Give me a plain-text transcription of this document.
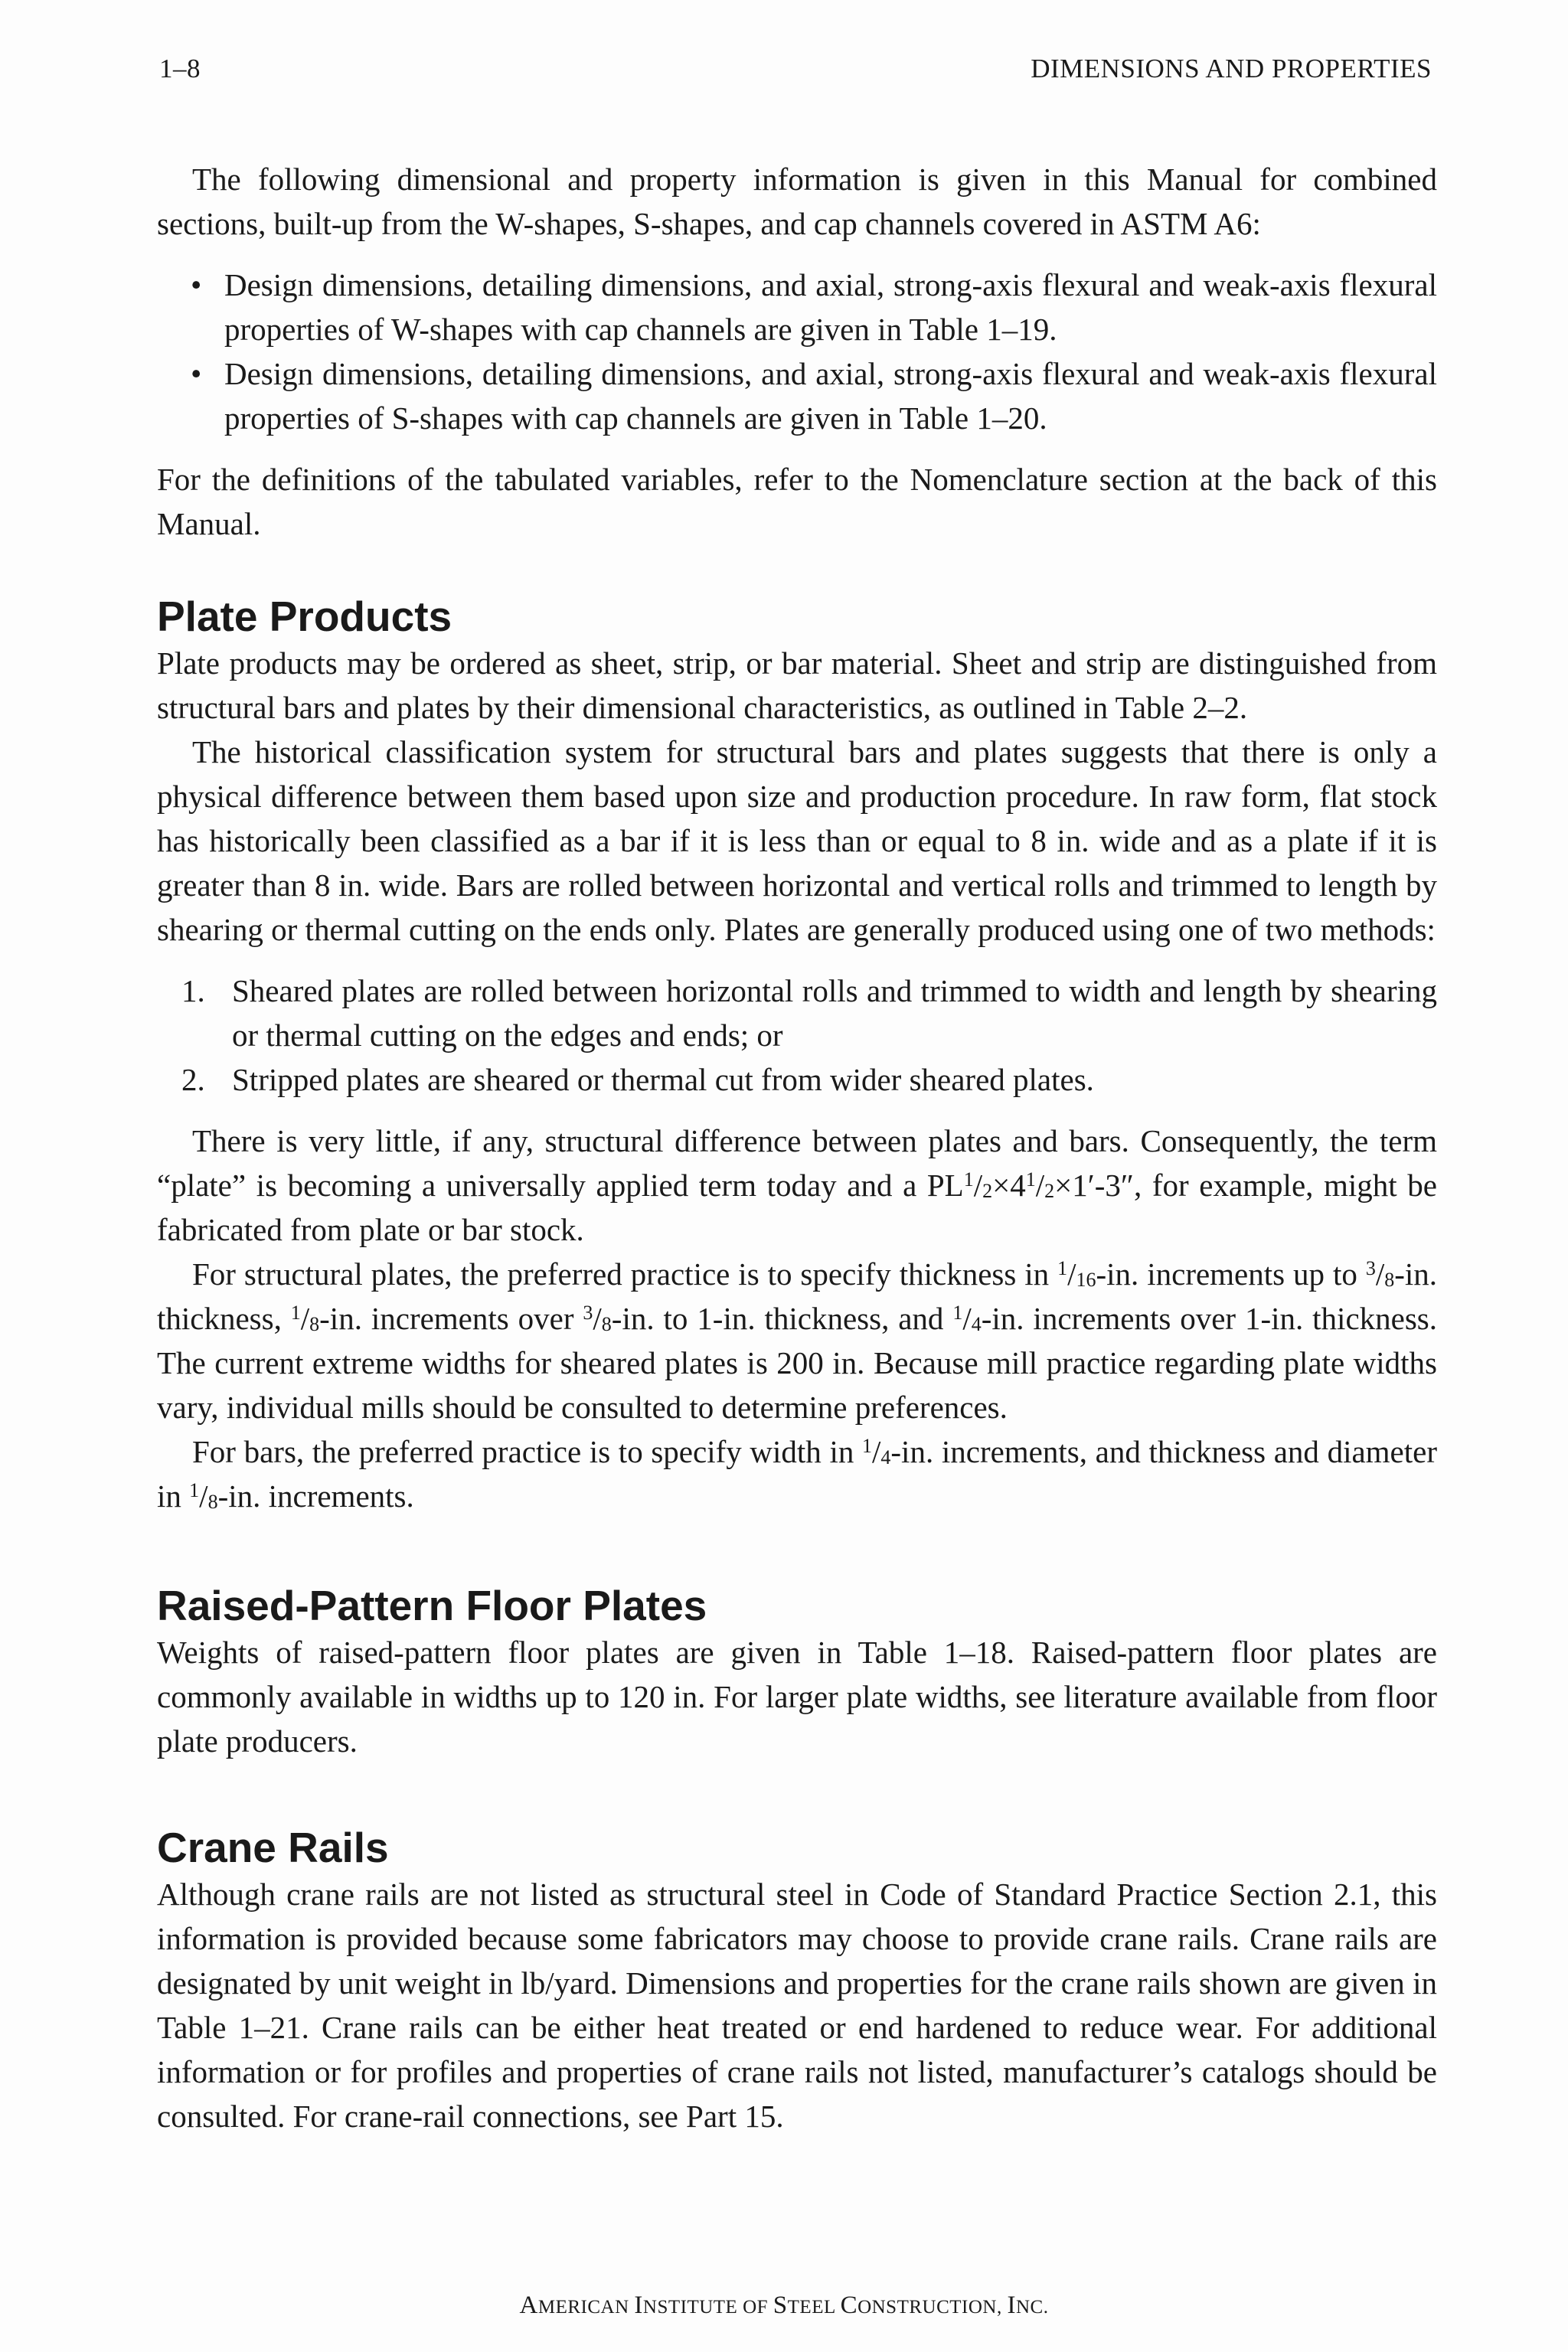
1–8	DIMENSIONS AND PROPERTIES

The following dimensional and property information is given in this Manual for combined sections, built-up from the W-shapes, S-shapes, and cap channels covered in ASTM A6:

• Design dimensions, detailing dimensions, and axial, strong-axis flexural and weak-axis flexural properties of W-shapes with cap channels are given in Table 1–19.
• Design dimensions, detailing dimensions, and axial, strong-axis flexural and weak-axis flexural properties of S-shapes with cap channels are given in Table 1–20.

For the definitions of the tabulated variables, refer to the Nomenclature section at the back of this Manual.

Plate Products

Plate products may be ordered as sheet, strip, or bar material. Sheet and strip are distinguished from structural bars and plates by their dimensional characteristics, as outlined in Table 2–2.

The historical classification system for structural bars and plates suggests that there is only a physical difference between them based upon size and production procedure. In raw form, flat stock has historically been classified as a bar if it is less than or equal to 8 in. wide and as a plate if it is greater than 8 in. wide. Bars are rolled between horizontal and vertical rolls and trimmed to length by shearing or thermal cutting on the ends only. Plates are generally produced using one of two methods:

1. Sheared plates are rolled between horizontal rolls and trimmed to width and length by shearing or thermal cutting on the edges and ends; or
2. Stripped plates are sheared or thermal cut from wider sheared plates.

There is very little, if any, structural difference between plates and bars. Consequently, the term “plate” is becoming a universally applied term today and a $PL^1/_2\times 4^1/_2\times 1'-3''$, for example, might be fabricated from plate or bar stock.

For structural plates, the preferred practice is to specify thickness in $^1/_{16}-in$. increments up to $^3/_8-in$. thickness, $^1/_8-in$. increments over $^3/_8-in$. to 1-in. thickness, and $^1/_4-in$. increments over 1-in. thickness. The current extreme widths for sheared plates is 200 in. Because mill practice regarding plate widths vary, individual mills should be consulted to determine preferences.

For bars, the preferred practice is to specify width in $^1/_4-in$. increments, and thickness and diameter in $^1/_8-in$. increments.

Raised-Pattern Floor Plates

Weights of raised-pattern floor plates are given in Table 1–18. Raised-pattern floor plates are commonly available in widths up to 120 in. For larger plate widths, see literature available from floor plate producers.

Crane Rails

Although crane rails are not listed as structural steel in Code of Standard Practice Section 2.1, this information is provided because some fabricators may choose to provide crane rails. Crane rails are designated by unit weight in lb/yard. Dimensions and properties for the crane rails shown are given in Table 1–21. Crane rails can be either heat treated or end hardened to reduce wear. For additional information or for profiles and properties of crane rails not listed, manufacturer’s catalogs should be consulted. For crane-rail connections, see Part 15.

AMERICAN INSTITUTE OF STEEL CONSTRUCTION, INC.
